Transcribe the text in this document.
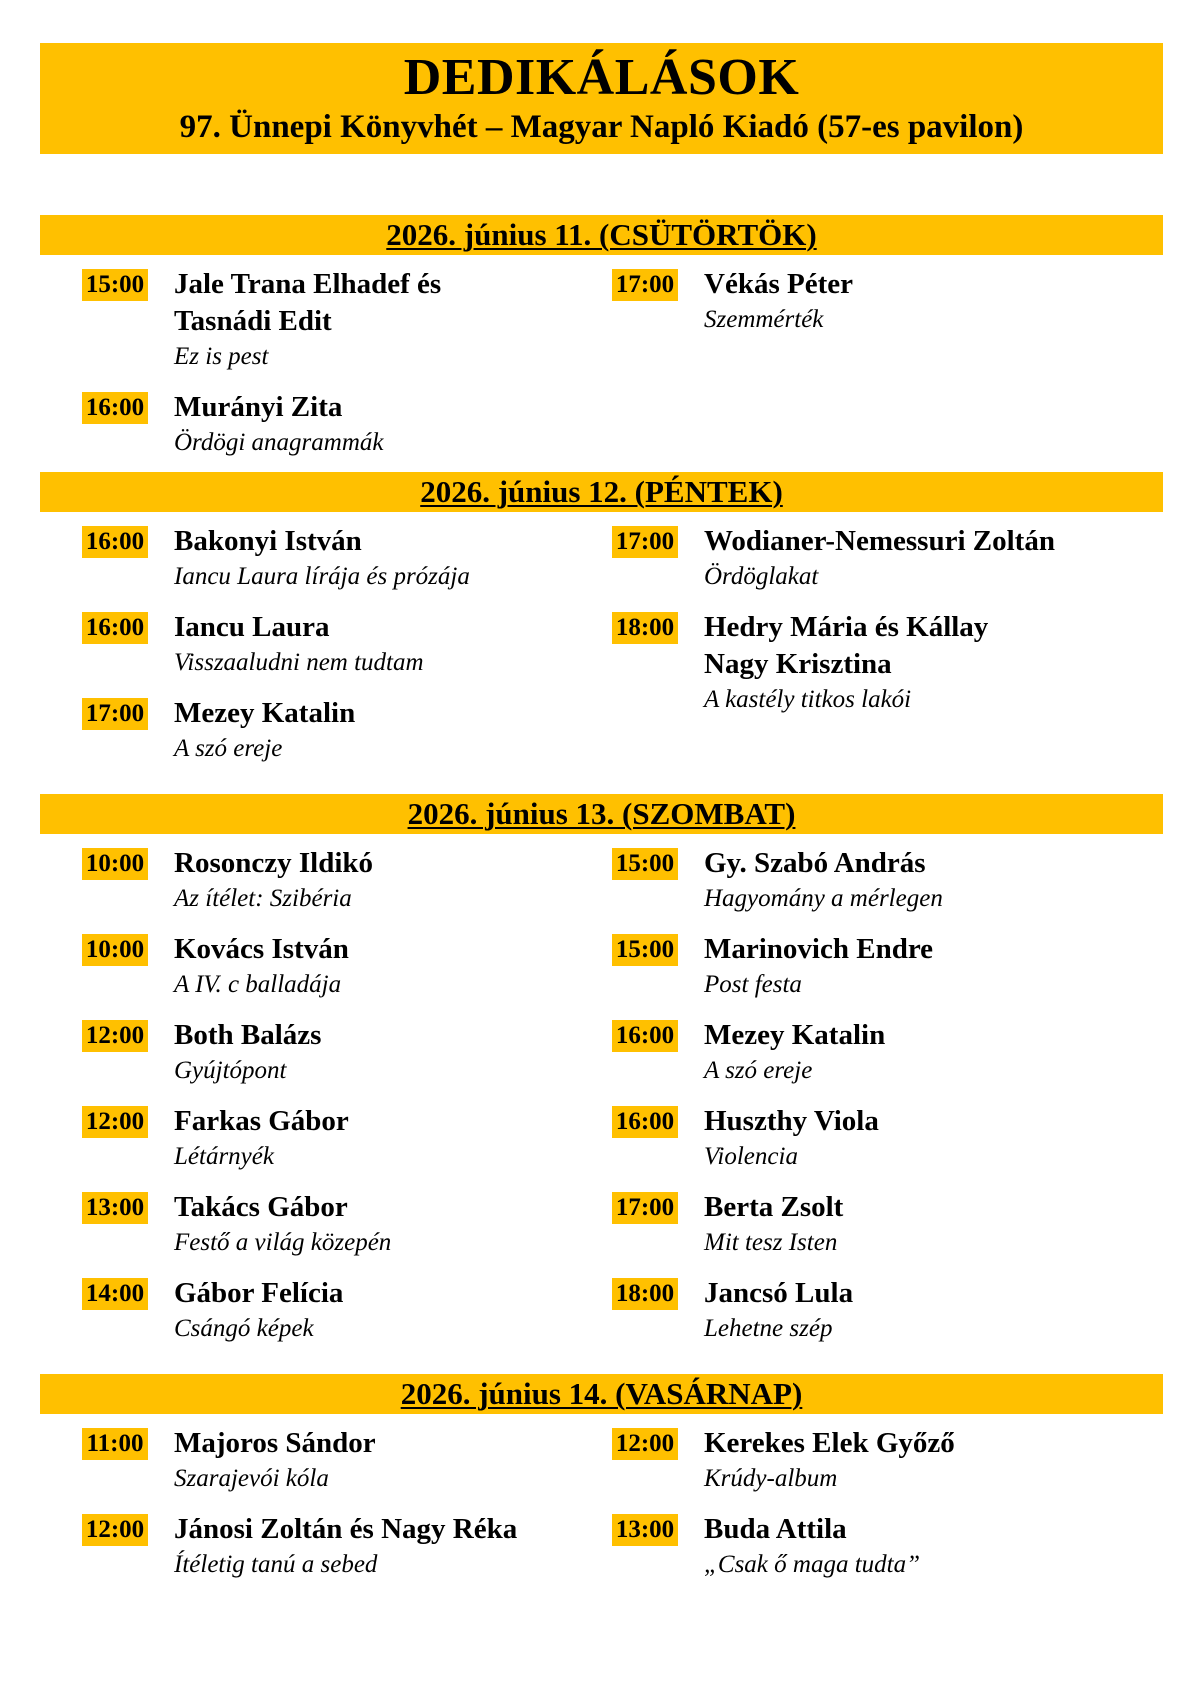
DEDIKÁLÁSOK
97. Ünnepi Könyvhét – Magyar Napló Kiadó (57-es pavilon)
2026. június 11. (CSÜTÖRTÖK)
15:00 Jale Trana Elhadef és Tasnádi Edit
Ez is pest
16:00 Murányi Zita
Ördögi anagrammák
17:00 Vékás Péter
Szemmérték
2026. június 12. (PÉNTEK)
16:00 Bakonyi István
Iancu Laura lírája és prózája
16:00 Iancu Laura
Visszaaludni nem tudtam
17:00 Mezey Katalin
A szó ereje
17:00 Wodianer-Nemessuri Zoltán
Ördöglakat
18:00 Hedry Mária és Kállay Nagy Krisztina
A kastély titkos lakói
2026. június 13. (SZOMBAT)
10:00 Rosonczy Ildikó
Az ítélet: Szibéria
10:00 Kovács István
A IV. c balladája
12:00 Both Balázs
Gyújtópont
12:00 Farkas Gábor
Létárnyék
13:00 Takács Gábor
Festő a világ közepén
14:00 Gábor Felícia
Csángó képek
15:00 Gy. Szabó András
Hagyomány a mérlegen
15:00 Marinovich Endre
Post festa
16:00 Mezey Katalin
A szó ereje
16:00 Huszthy Viola
Violencia
17:00 Berta Zsolt
Mit tesz Isten
18:00 Jancsó Lula
Lehetne szép
2026. június 14. (VASÁRNAP)
11:00 Majoros Sándor
Szarajevói kóla
12:00 Jánosi Zoltán és Nagy Réka
Ítéletig tanú a sebed
12:00 Kerekes Elek Győző
Krúdy-album
13:00 Buda Attila
„Csak ő maga tudta”
